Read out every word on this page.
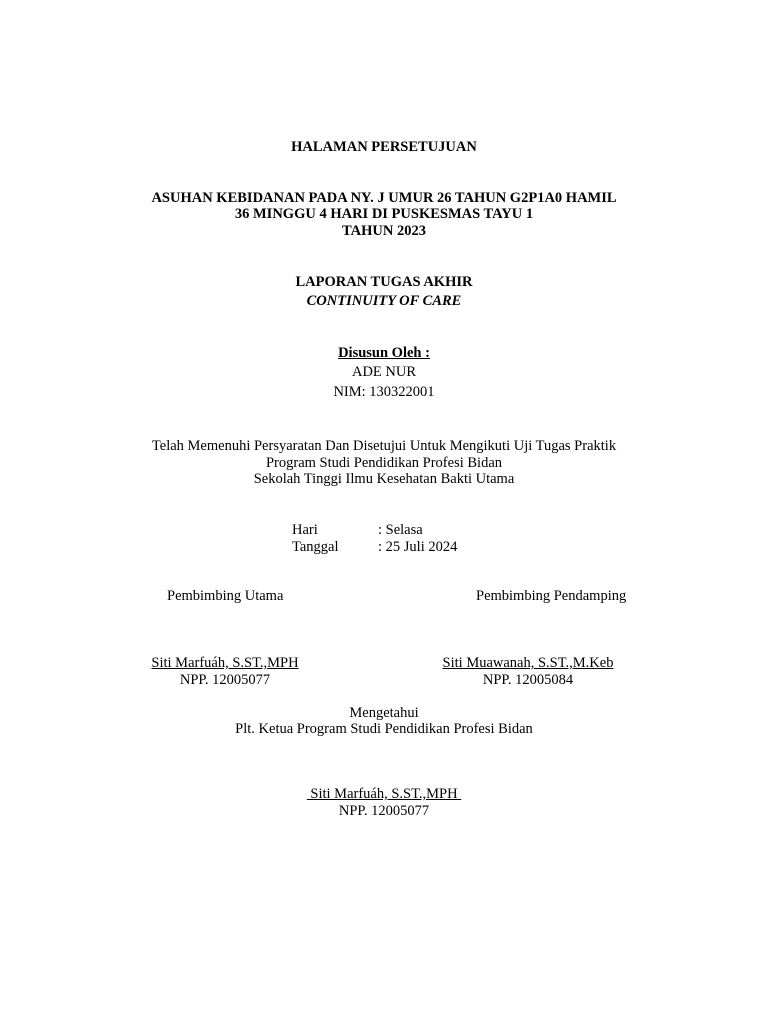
HALAMAN PERSETUJUAN
ASUHAN KEBIDANAN PADA NY. J UMUR 26 TAHUN G2P1A0 HAMIL
36 MINGGU 4 HARI DI PUSKESMAS TAYU 1
TAHUN 2023
LAPORAN TUGAS AKHIR
CONTINUITY OF CARE
Disusun Oleh :
ADE NUR
NIM: 130322001
Telah Memenuhi Persyaratan Dan Disetujui Untuk Mengikuti Uji Tugas Praktik
Program Studi Pendidikan Profesi Bidan
Sekolah Tinggi Ilmu Kesehatan Bakti Utama
Hari	: Selasa
Tanggal	: 25 Juli 2024
Pembimbing Utama	Pembimbing Pendamping
Siti Marfuáh, S.ST.,MPH
NPP. 12005077
Siti Muawanah, S.ST.,M.Keb
NPP. 12005084
Mengetahui
Plt. Ketua Program Studi Pendidikan Profesi Bidan
Siti Marfuáh, S.ST.,MPH
NPP. 12005077
